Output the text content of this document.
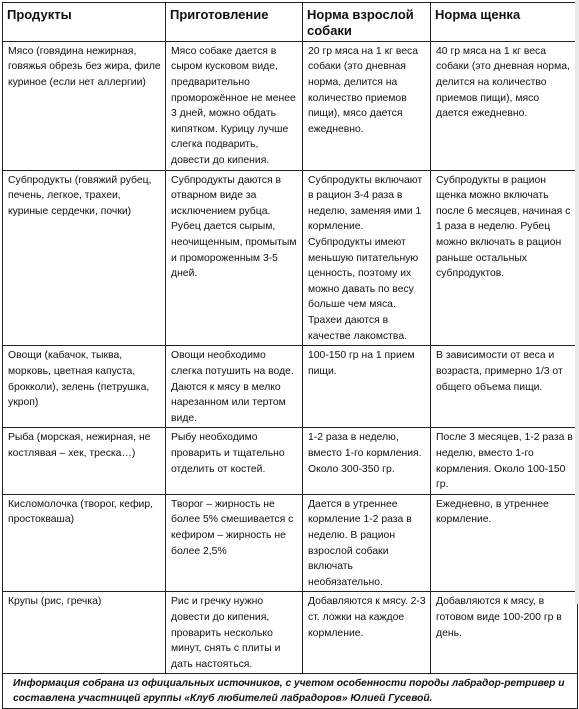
Продукты	Приготовление	Норма взрослой собаки	Норма щенка
Мясо (говядина нежирная, говяжья обрезь без жира, филе куриное (если нет аллергии)	Мясо собаке дается в сыром кусковом виде, предварительно проморожённое не менее 3 дней, можно обдать кипятком. Курицу лучше слегка подварить, довести до кипения.	20 гр мяса на 1 кг веса собаки (это дневная норма, делится на количество приемов пищи), мясо дается ежедневно.	40 гр мяса на 1 кг веса собаки (это дневная норма, делится на количество приемов пищи), мясо дается ежедневно.
Субпродукты (говяжий рубец, печень, легкое, трахеи, куриные сердечки, почки)	Субпродукты даются в отварном виде за исключением рубца. Рубец дается сырым, неочищенным, промытым и промороженным 3-5 дней.	Субпродукты включают в рацион 3-4 раза в неделю, заменяя ими 1 кормление. Субпродукты имеют меньшую питательную ценность, поэтому их можно давать по весу больше чем мяса. Трахеи даются в качестве лакомства.	Субпродукты в рацион щенка можно включать после 6 месяцев, начиная с 1 раза в неделю. Рубец можно включать в рацион раньше остальных субпродуктов.
Овощи (кабачок, тыква, морковь, цветная капуста, брокколи), зелень (петрушка, укроп)	Овощи необходимо слегка потушить на воде. Даются к мясу в мелко нарезанном или тертом виде.	100-150 гр на 1 прием пищи.	В зависимости от веса и возраста, примерно 1/3 от общего объема пищи.
Рыба (морская, нежирная, не костлявая – хек, треска…)	Рыбу необходимо проварить и тщательно отделить от костей.	1-2 раза в неделю, вместо 1-го кормления. Около 300-350 гр.	После 3 месяцев, 1-2 раза в неделю, вместо 1-го кормления. Около 100-150 гр.
Кисломолочка (творог, кефир, простокваша)	Творог – жирность не более 5% смешивается с кефиром – жирность не более 2,5%	Дается в утреннее кормление 1-2 раза в неделю. В рацион взрослой собаки включать необязательно.	Ежедневно, в утреннее кормление.
Крупы (рис, гречка)	Рис и гречку нужно довести до кипения, проварить несколько минут, снять с плиты и дать настояться.	Добавляются к мясу. 2-3 ст. ложки на каждое кормление.	Добавляются к мясу, в готовом виде 100-200 гр в день.
Информация собрана из официальных источников, с учетом особенности породы лабрадор-ретривер и составлена участницей группы «Клуб любителей лабрадоров» Юлией Гусевой.			
